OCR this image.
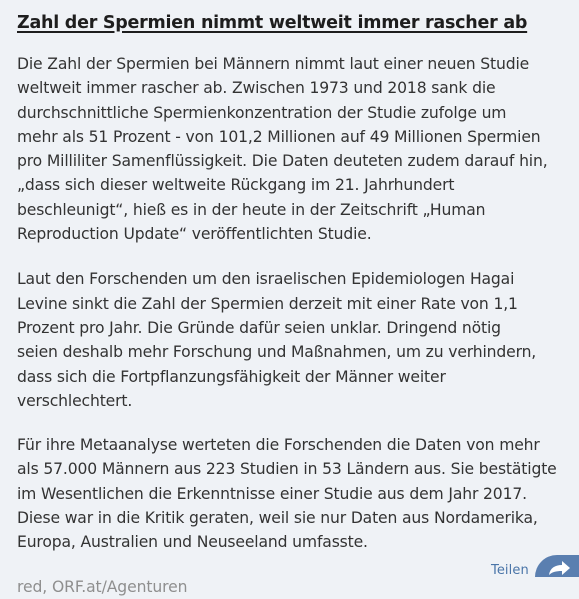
Zahl der Spermien nimmt weltweit immer rascher ab

Die Zahl der Spermien bei Männern nimmt laut einer neuen Studie
weltweit immer rascher ab. Zwischen 1973 und 2018 sank die
durchschnittliche Spermienkonzentration der Studie zufolge um
mehr als 51 Prozent - von 101,2 Millionen auf 49 Millionen Spermien
pro Milliliter Samenflüssigkeit. Die Daten deuteten zudem darauf hin,
„dass sich dieser weltweite Rückgang im 21. Jahrhundert
beschleunigt“, hieß es in der heute in der Zeitschrift „Human
Reproduction Update“ veröffentlichten Studie.

Laut den Forschenden um den israelischen Epidemiologen Hagai
Levine sinkt die Zahl der Spermien derzeit mit einer Rate von 1,1
Prozent pro Jahr. Die Gründe dafür seien unklar. Dringend nötig
seien deshalb mehr Forschung und Maßnahmen, um zu verhindern,
dass sich die Fortpflanzungsfähigkeit der Männer weiter
verschlechtert.

Für ihre Metaanalyse werteten die Forschenden die Daten von mehr
als 57.000 Männern aus 223 Studien in 53 Ländern aus. Sie bestätigte
im Wesentlichen die Erkenntnisse einer Studie aus dem Jahr 2017.
Diese war in die Kritik geraten, weil sie nur Daten aus Nordamerika,
Europa, Australien und Neuseeland umfasste.

red, ORF.at/Agenturen

Teilen
